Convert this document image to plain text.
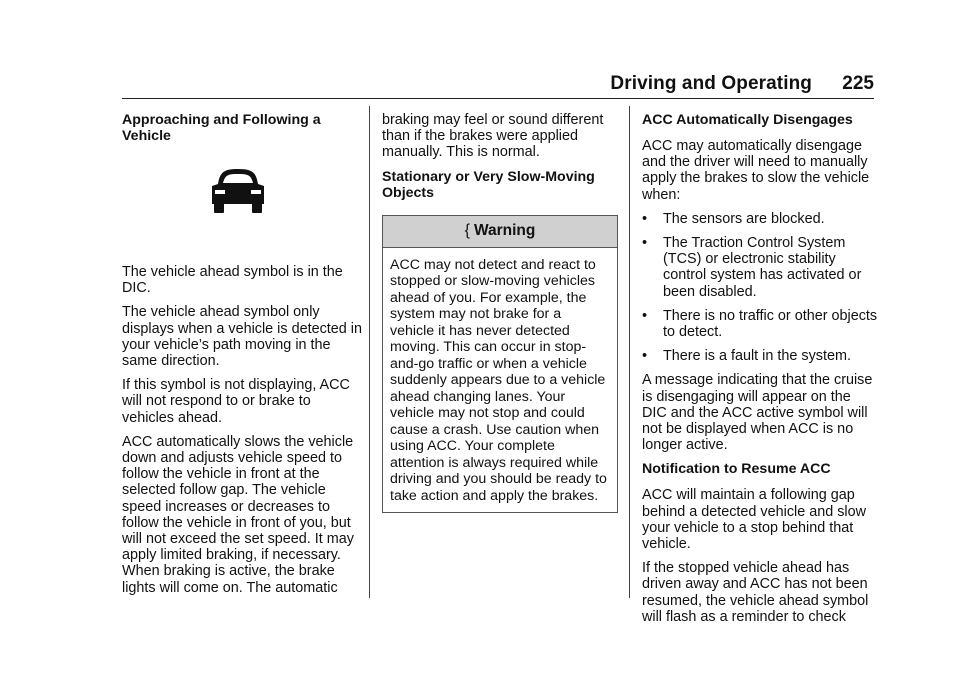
Driving and Operating 225
Approaching and Following a Vehicle

The vehicle ahead symbol is in the DIC.

The vehicle ahead symbol only displays when a vehicle is detected in your vehicle’s path moving in the same direction.

If this symbol is not displaying, ACC will not respond to or brake to vehicles ahead.

ACC automatically slows the vehicle down and adjusts vehicle speed to follow the vehicle in front at the selected follow gap. The vehicle speed increases or decreases to follow the vehicle in front of you, but will not exceed the set speed. It may apply limited braking, if necessary. When braking is active, the brake lights will come on. The automatic

braking may feel or sound different than if the brakes were applied manually. This is normal.

Stationary or Very Slow-Moving Objects
{ Warning
ACC may not detect and react to stopped or slow-moving vehicles ahead of you. For example, the system may not brake for a vehicle it has never detected moving. This can occur in stop-and-go traffic or when a vehicle suddenly appears due to a vehicle ahead changing lanes. Your vehicle may not stop and could cause a crash. Use caution when using ACC. Your complete attention is always required while driving and you should be ready to take action and apply the brakes.
ACC Automatically Disengages

ACC may automatically disengage and the driver will need to manually apply the brakes to slow the vehicle when:

• The sensors are blocked.
• The Traction Control System (TCS) or electronic stability control system has activated or been disabled.
• There is no traffic or other objects to detect.
• There is a fault in the system.

A message indicating that the cruise is disengaging will appear on the DIC and the ACC active symbol will not be displayed when ACC is no longer active.

Notification to Resume ACC

ACC will maintain a following gap behind a detected vehicle and slow your vehicle to a stop behind that vehicle.

If the stopped vehicle ahead has driven away and ACC has not been resumed, the vehicle ahead symbol will flash as a reminder to check
